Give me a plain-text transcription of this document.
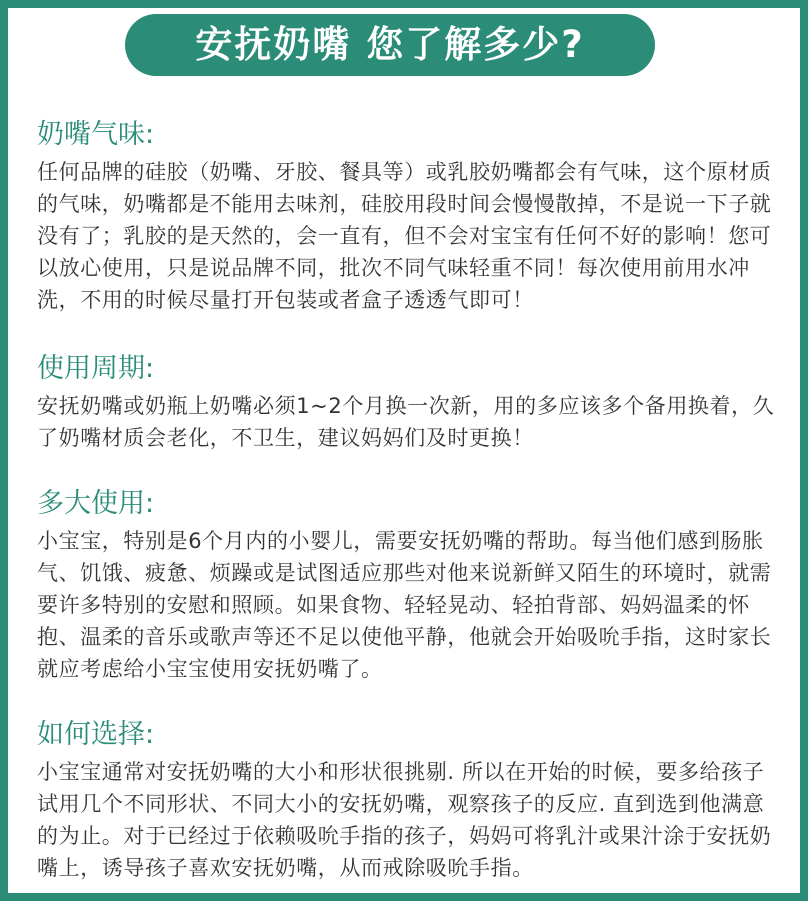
安抚奶嘴 您了解多少?
奶嘴气味:
任何品牌的硅胶（奶嘴、牙胶、餐具等）或乳胶奶嘴都会有气味，这个原材质的气味，奶嘴都是不能用去味剂，硅胶用段时间会慢慢散掉，不是说一下子就没有了；乳胶的是天然的，会一直有，但不会对宝宝有任何不好的影响！您可以放心使用，只是说品牌不同，批次不同气味轻重不同！每次使用前用水冲洗，不用的时候尽量打开包装或者盒子透透气即可！
使用周期:
安抚奶嘴或奶瓶上奶嘴必须1~2个月换一次新，用的多应该多个备用换着，久了奶嘴材质会老化，不卫生，建议妈妈们及时更换！
多大使用:
小宝宝，特别是6个月内的小婴儿，需要安抚奶嘴的帮助。每当他们感到肠胀气、饥饿、疲惫、烦躁或是试图适应那些对他来说新鲜又陌生的环境时，就需要许多特别的安慰和照顾。如果食物、轻轻晃动、轻拍背部、妈妈温柔的怀抱、温柔的音乐或歌声等还不足以使他平静，他就会开始吸吮手指，这时家长就应考虑给小宝宝使用安抚奶嘴了。
如何选择:
小宝宝通常对安抚奶嘴的大小和形状很挑剔. 所以在开始的时候，要多给孩子试用几个不同形状、不同大小的安抚奶嘴，观察孩子的反应. 直到选到他满意的为止。对于已经过于依赖吸吮手指的孩子，妈妈可将乳汁或果汁涂于安抚奶嘴上，诱导孩子喜欢安抚奶嘴，从而戒除吸吮手指。
